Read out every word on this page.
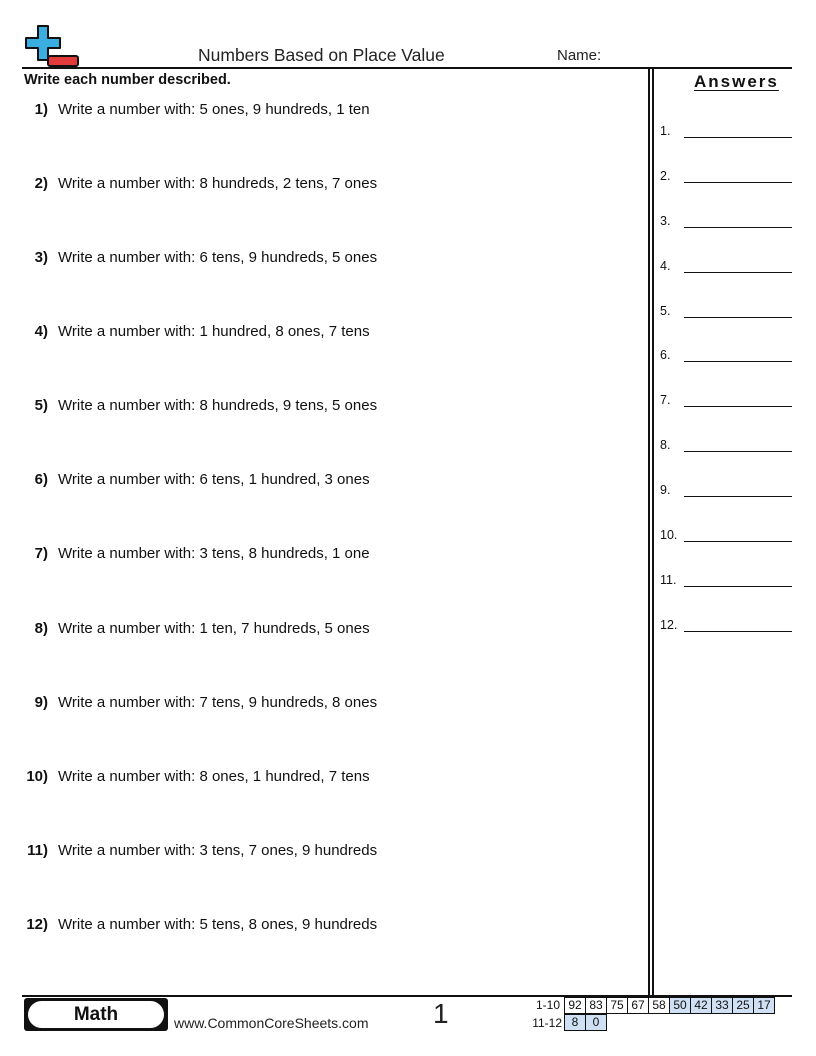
Numbers Based on Place Value	Name:
Write each number described.
1) Write a number with: 5 ones, 9 hundreds, 1 ten
2) Write a number with: 8 hundreds, 2 tens, 7 ones
3) Write a number with: 6 tens, 9 hundreds, 5 ones
4) Write a number with: 1 hundred, 8 ones, 7 tens
5) Write a number with: 8 hundreds, 9 tens, 5 ones
6) Write a number with: 6 tens, 1 hundred, 3 ones
7) Write a number with: 3 tens, 8 hundreds, 1 one
8) Write a number with: 1 ten, 7 hundreds, 5 ones
9) Write a number with: 7 tens, 9 hundreds, 8 ones
10) Write a number with: 8 ones, 1 hundred, 7 tens
11) Write a number with: 3 tens, 7 ones, 9 hundreds
12) Write a number with: 5 tens, 8 ones, 9 hundreds
Answers
1.
2.
3.
4.
5.
6.
7.
8.
9.
10.
11.
12.
Math	www.CommonCoreSheets.com 1	1-10 92 83 75 67 58 50 42 33 25 17
11-12 8	0
